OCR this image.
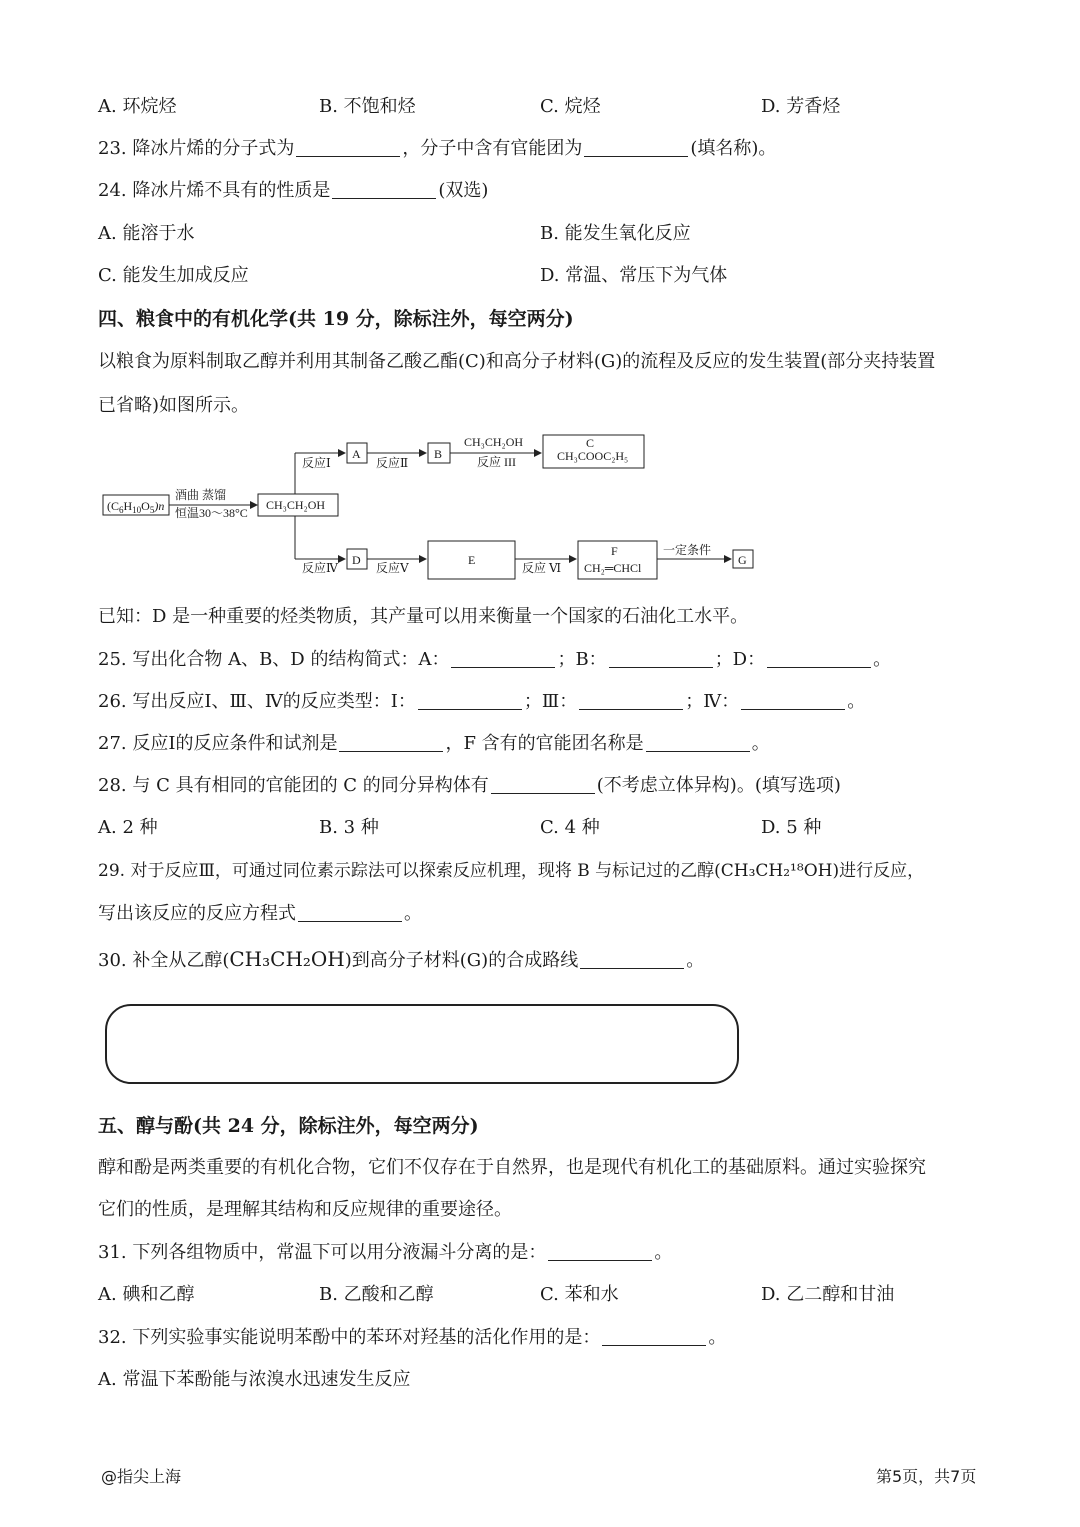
A. 环烷烃	B. 不饱和烃	C. 烷烃	D. 芳香烃
23. 降冰片烯的分子式为	，分子中含有官能团为	(填名称)。
24. 降冰片烯不具有的性质是	(双选)
A. 能溶于水	B. 能发生氧化反应
C. 能发生加成反应	D. 常温、常压下为气体
四、粮食中的有机化学(共 19 分，除标注外，每空两分)
以粮食为原料制取乙醇并利用其制备乙酸乙酯(C)和高分子材料(G)的流程及反应的发生装置(部分夹持装置
已省略)如图所示。
$(C_6H_{10}O_5)n$
酒曲 蒸馏
恒温30～38°C
CH₃CH₂OH
反应Ⅰ
A
反应Ⅱ
B
CH₃CH₂OH
反应 III
C
CH₃COOC₂H₅
反应Ⅳ
D
反应Ⅴ
E
反应 Ⅵ
F
CH₂═CHCl
一定条件
G
已知：D 是一种重要的烃类物质，其产量可以用来衡量一个国家的石油化工水平。
25. 写出化合物 A、B、D 的结构简式：A：	；B：	；D：	。
26. 写出反应Ⅰ、Ⅲ、Ⅳ的反应类型：Ⅰ：	；Ⅲ：	；Ⅳ：	。
27. 反应Ⅰ的反应条件和试剂是	，F 含有的官能团名称是	。
28. 与 C 具有相同的官能团的 C 的同分异构体有	(不考虑立体异构)。(填写选项)
A. 2 种	B. 3 种	C. 4 种	D. 5 种
29. 对于反应Ⅲ，可通过同位素示踪法可以探索反应机理，现将 B 与标记过的乙醇(CH₃CH₂¹⁸OH)进行反应，
写出该反应的反应方程式	。
30. 补全从乙醇(CH₃CH₂OH)到高分子材料(G)的合成路线	。
五、醇与酚(共 24 分，除标注外，每空两分)
醇和酚是两类重要的有机化合物，它们不仅存在于自然界，也是现代有机化工的基础原料。通过实验探究
它们的性质，是理解其结构和反应规律的重要途径。
31. 下列各组物质中，常温下可以用分液漏斗分离的是：	。
A. 碘和乙醇	B. 乙酸和乙醇	C. 苯和水	D. 乙二醇和甘油
32. 下列实验事实能说明苯酚中的苯环对羟基的活化作用的是：	。
A. 常温下苯酚能与浓溴水迅速发生反应
@指尖上海	第5页，共7页
